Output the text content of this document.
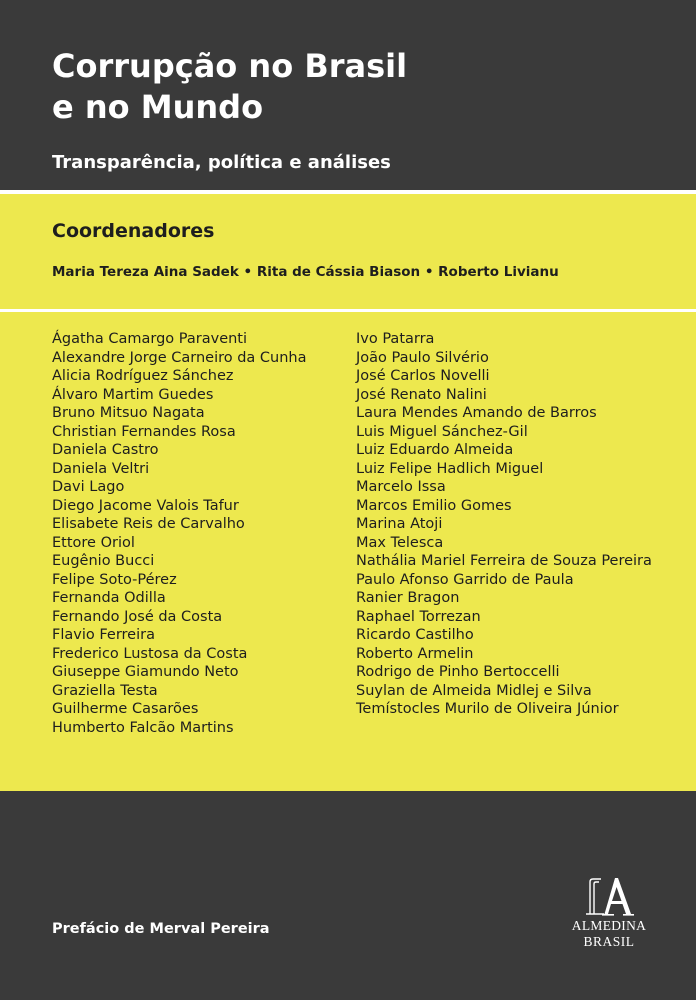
Corrupção no Brasil
e no Mundo

Transparência, política e análises

Coordenadores

Maria Tereza Aina Sadek • Rita de Cássia Biason • Roberto Livianu

Ágatha Camargo Paraventi
Alexandre Jorge Carneiro da Cunha
Alicia Rodríguez Sánchez
Álvaro Martim Guedes
Bruno Mitsuo Nagata
Christian Fernandes Rosa
Daniela Castro
Daniela Veltri
Davi Lago
Diego Jacome Valois Tafur
Elisabete Reis de Carvalho
Ettore Oriol
Eugênio Bucci
Felipe Soto-Pérez
Fernanda Odilla
Fernando José da Costa
Flavio Ferreira
Frederico Lustosa da Costa
Giuseppe Giamundo Neto
Graziella Testa
Guilherme Casarões
Humberto Falcão Martins
Ivo Patarra
João Paulo Silvério
José Carlos Novelli
José Renato Nalini
Laura Mendes Amando de Barros
Luis Miguel Sánchez-Gil
Luiz Eduardo Almeida
Luiz Felipe Hadlich Miguel
Marcelo Issa
Marcos Emilio Gomes
Marina Atoji
Max Telesca
Nathália Mariel Ferreira de Souza Pereira
Paulo Afonso Garrido de Paula
Ranier Bragon
Raphael Torrezan
Ricardo Castilho
Roberto Armelin
Rodrigo de Pinho Bertoccelli
Suylan de Almeida Midlej e Silva
Temístocles Murilo de Oliveira Júnior

Prefácio de Merval Pereira	ALMEDINA

BRASIL
